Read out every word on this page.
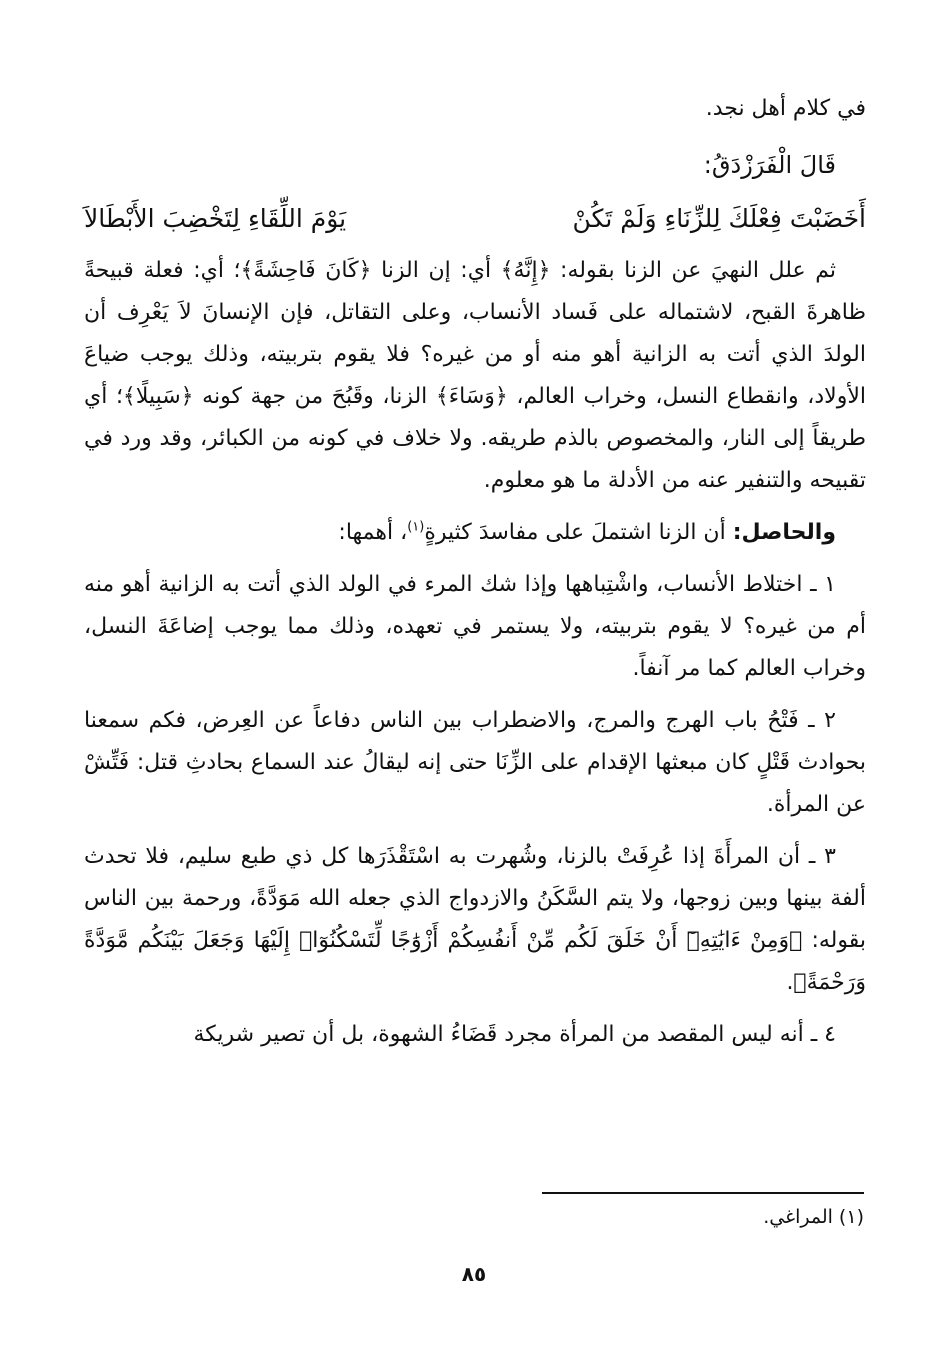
في كلام أهل نجد.

قَالَ الْفَرَزْدَقُ:

أَخَضَبْتَ فِعْلَكَ لِلزِّنَاءِ وَلَمْ تَكُنْ
يَوْمَ اللِّقَاءِ لِتَخْضِبَ الأَبْطَالاَ

ثم علل النهيَ عن الزنا بقوله: ﴿إِنَّهُ﴾ أي: إن الزنا ﴿كَانَ فَاحِشَةً﴾؛ أي: فعلة قبيحةً ظاهرةَ القبح، لاشتماله على فَساد الأنساب، وعلى التقاتل، فإن الإنسانَ لاَ يَعْرِف أن الولدَ الذي أتت به الزانية أهو منه أو من غيره؟ فلا يقوم بتربيته، وذلك يوجب ضياعَ الأولاد، وانقطاع النسل، وخراب العالم، ﴿وَسَاءَ﴾ الزنا، وقَبُحَ من جهة كونه ﴿سَبِيلًا﴾؛ أي طريقاً إلى النار، والمخصوص بالذم طريقه. ولا خلاف في كونه من الكبائر، وقد ورد في تقبيحه والتنفير عنه من الأدلة ما هو معلوم.

والحاصل: أن الزنا اشتملَ على مفاسدَ كثيرةٍ$^{(١)}$، أهمها:

١ ـ اختلاط الأنساب، واشْتِباهها وإذا شك المرء في الولد الذي أتت به الزانية أهو منه أم من غيره؟ لا يقوم بتربيته، ولا يستمر في تعهده، وذلك مما يوجب إضاعَةَ النسل، وخراب العالم كما مر آنفاً.

٢ ـ فَتْحُ باب الهرج والمرج، والاضطراب بين الناس دفاعاً عن العِرض، فكم سمعنا بحوادث قَتْلٍ كان مبعثها الإقدام على الزِّنَا حتى إنه ليقالُ عند السماع بحادثِ قتل: فَتِّشْ عن المرأة.

٣ ـ أن المرأَةَ إذا عُرِفَتْ بالزنا، وشُهرت به اسْتَقْذَرَها كل ذي طبع سليم، فلا تحدث ألفة بينها وبين زوجها، ولا يتم السَّكَنُ والازدواج الذي جعله الله مَوَدَّةً، ورحمة بين الناس بقوله: ﴿وَمِنْ ءَايَٰتِهِۦٓ أَنْ خَلَقَ لَكُم مِّنْ أَنفُسِكُمْ أَزْوَٰجًا لِّتَسْكُنُوٓا۟ إِلَيْهَا وَجَعَلَ بَيْنَكُم مَّوَدَّةً وَرَحْمَةً﴾.

٤ ـ أنه ليس المقصد من المرأة مجرد قَضَاءُ الشهوة، بل أن تصير شريكة

(١) المراغي.
٨٥
